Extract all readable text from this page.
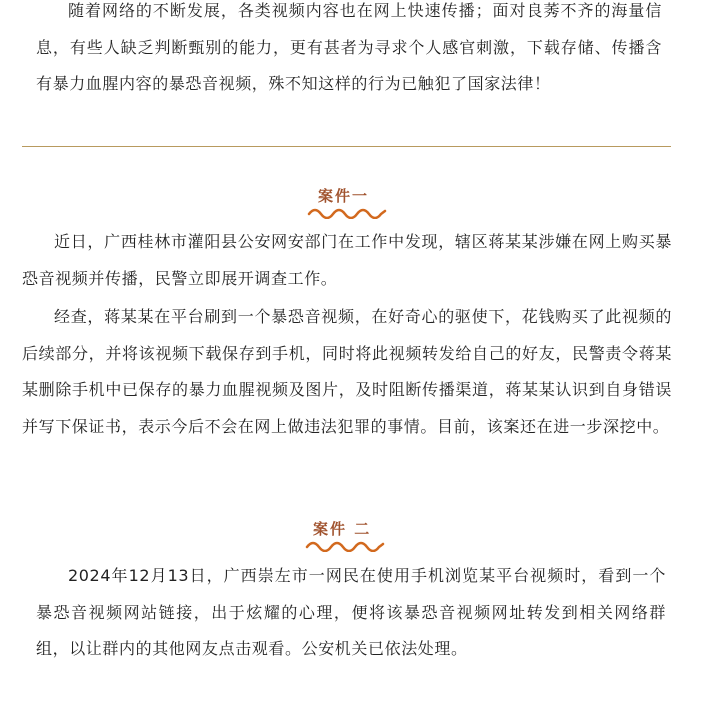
随着网络的不断发展，各类视频内容也在网上快速传播；面对良莠不齐的海量信息，有些人缺乏判断甄别的能力，更有甚者为寻求个人感官刺激，下载存储、传播含有暴力血腥内容的暴恐音视频，殊不知这样的行为已触犯了国家法律！

案件一

近日，广西桂林市灌阳县公安网安部门在工作中发现，辖区蒋某某涉嫌在网上购买暴恐音视频并传播，民警立即展开调查工作。

经查，蒋某某在平台刷到一个暴恐音视频，在好奇心的驱使下，花钱购买了此视频的后续部分，并将该视频下载保存到手机，同时将此视频转发给自己的好友，民警责令蒋某某删除手机中已保存的暴力血腥视频及图片，及时阻断传播渠道，蒋某某认识到自身错误并写下保证书，表示今后不会在网上做违法犯罪的事情。目前，该案还在进一步深挖中。

案件 二

2024年12月13日，广西崇左市一网民在使用手机浏览某平台视频时，看到一个暴恐音视频网站链接，出于炫耀的心理，便将该暴恐音视频网址转发到相关网络群组，以让群内的其他网友点击观看。公安机关已依法处理。
